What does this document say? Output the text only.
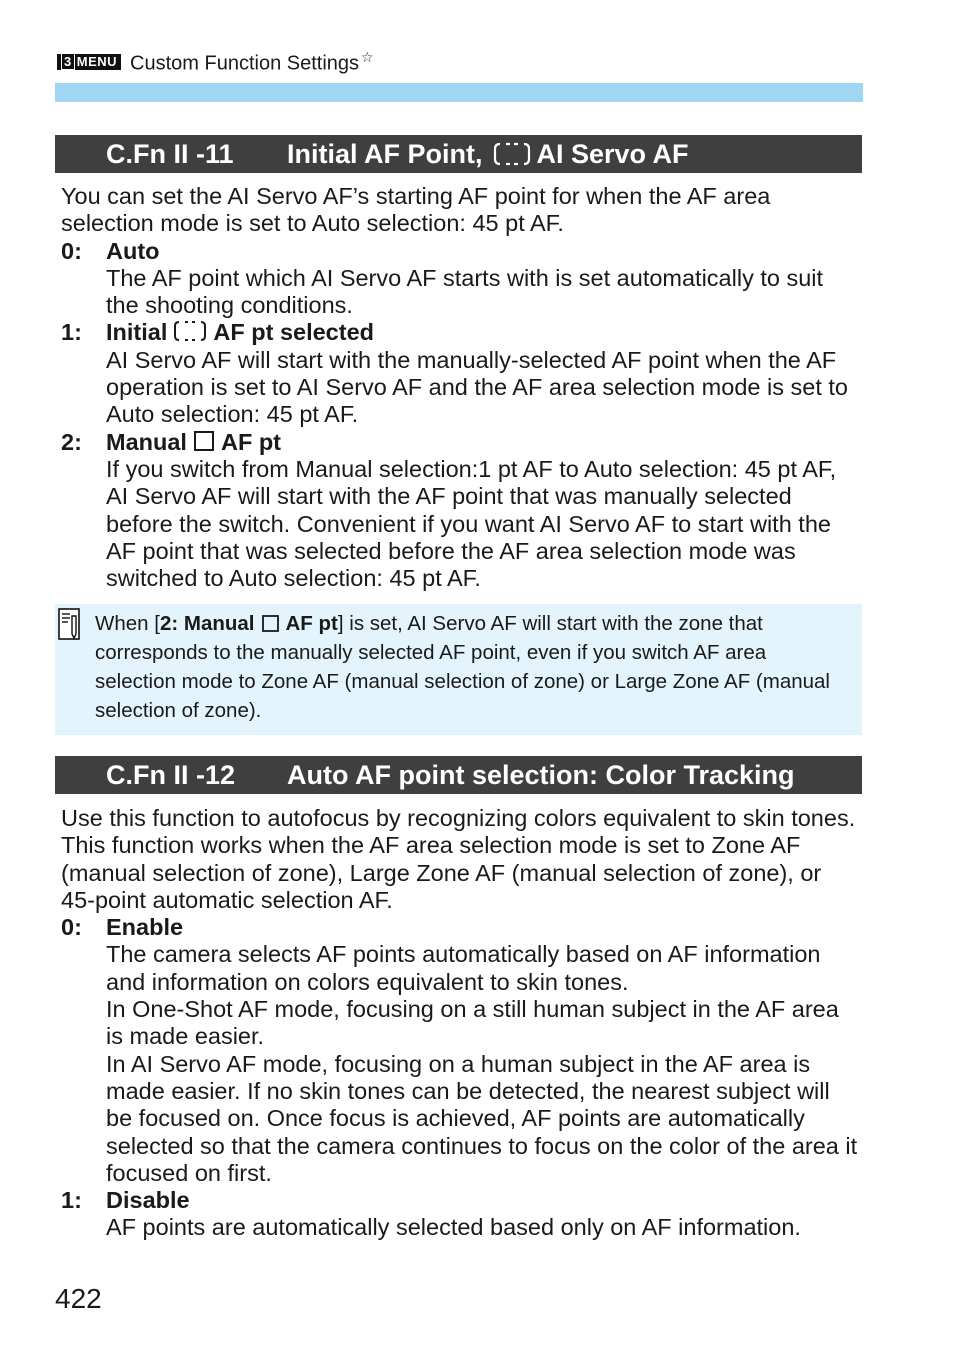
3 MENU Custom Function Settings ☆
C.Fn II -11 Initial AF Point, AI Servo AF

You can set the AI Servo AF’s starting AF point for when the AF area selection mode is set to Auto selection: 45 pt AF.

0:	Auto
The AF point which AI Servo AF starts with is set automatically to suit the shooting conditions.
1:	Initial AF pt selected
AI Servo AF will start with the manually-selected AF point when the AF operation is set to AI Servo AF and the AF area selection mode is set to Auto selection: 45 pt AF.
2:	Manual AF pt
If you switch from Manual selection:1 pt AF to Auto selection: 45 pt AF, AI Servo AF will start with the AF point that was manually selected before the switch. Convenient if you want AI Servo AF to start with the AF point that was selected before the AF area selection mode was switched to Auto selection: 45 pt AF.
When [2: Manual AF pt] is set, AI Servo AF will start with the zone that corresponds to the manually selected AF point, even if you switch AF area selection mode to Zone AF (manual selection of zone) or Large Zone AF (manual selection of zone).
C.Fn II -12 Auto AF point selection: Color Tracking

Use this function to autofocus by recognizing colors equivalent to skin tones. This function works when the AF area selection mode is set to Zone AF (manual selection of zone), Large Zone AF (manual selection of zone), or 45-point automatic selection AF.

0:	Enable
The camera selects AF points automatically based on AF information and information on colors equivalent to skin tones.
In One-Shot AF mode, focusing on a still human subject in the AF area is made easier.
In AI Servo AF mode, focusing on a human subject in the AF area is made easier. If no skin tones can be detected, the nearest subject will be focused on. Once focus is achieved, AF points are automatically selected so that the camera continues to focus on the color of the area it focused on first.
1:	Disable
AF points are automatically selected based only on AF information.
422
